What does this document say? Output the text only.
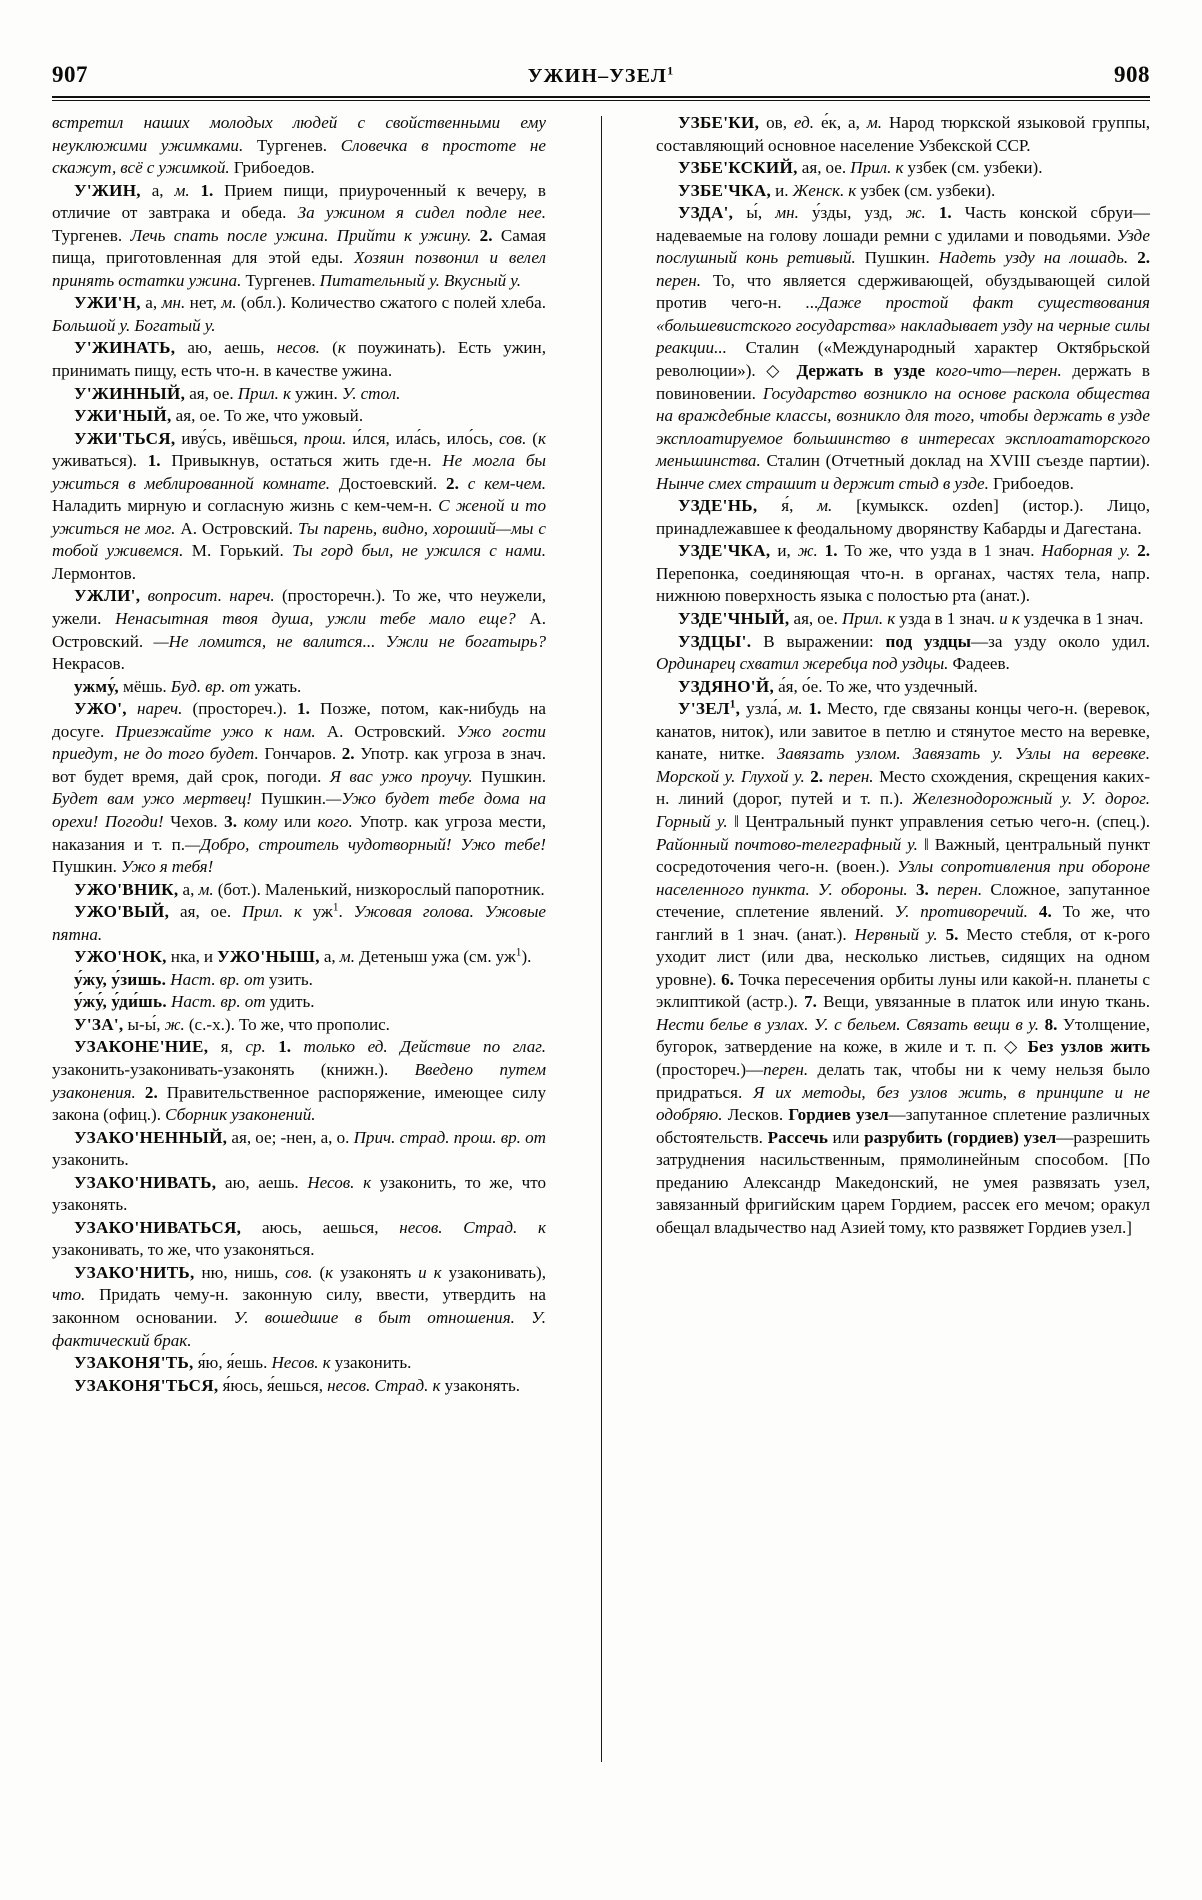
907	УЖИН–УЗЕЛ$^1$	908

встретил наших молодых людей с свойственными ему неуклюжими ужимками. Тургенев. Словечка в простоте не скажут, всё с ужимкой. Грибоедов.

У'ЖИН, а, м. 1. Прием пищи, приуроченный к вечеру, в отличие от завтрака и обеда. За ужином я сидел подле нее. Тургенев. Лечь спать после ужина. Прийти к ужину. 2. Самая пища, приготовленная для этой еды. Хозяин позвонил и велел принять остатки ужина. Тургенев. Питательный у. Вкусный у.

УЖИ'Н, а, мн. нет, м. (обл.). Количество сжатого с полей хлеба. Большой у. Богатый у.

У'ЖИНАТЬ, аю, аешь, несов. (к поужинать). Есть ужин, принимать пищу, есть что-н. в качестве ужина.

У'ЖИННЫЙ, ая, ое. Прил. к ужин. У. стол.

УЖИ'НЫЙ, ая, ое. То же, что ужовый.

УЖИ'ТЬСЯ, иву́сь, ивёшься, прош. и́лся, ила́сь, ило́сь, сов. (к уживаться). 1. Привыкнув, остаться жить где-н. Не могла бы ужиться в меблированной комнате. Достоевский. 2. с кем-чем. Наладить мирную и согласную жизнь с кем-чем-н. С женой и то ужиться не мог. А. Островский. Ты парень, видно, хороший—мы с тобой уживемся. М. Горький. Ты горд был, не ужился с нами. Лермонтов.

УЖЛИ', вопросит. нареч. (просторечн.). То же, что неужели, ужели. Ненасытная твоя душа, ужли тебе мало еще? А. Островский. —Не ломится, не валится... Ужли не богатырь? Некрасов.

ужму́, мёшь. Буд. вр. от ужать.

УЖО', нареч. (простореч.). 1. Позже, потом, как-нибудь на досуге. Приезжайте ужо к нам. А. Островский. Ужо гости приедут, не до того будет. Гончаров. 2. Употр. как угроза в знач. вот будет время, дай срок, погоди. Я вас ужо проучу. Пушкин. Будет вам ужо мертвец! Пушкин.—Ужо будет тебе дома на орехи! Погоди! Чехов. 3. кому или кого. Употр. как угроза мести, наказания и т. п.—Добро, строитель чудотворный! Ужо тебе! Пушкин. Ужо я тебя!

УЖО'ВНИК, а, м. (бот.). Маленький, низкорослый папоротник.

УЖО'ВЫЙ, ая, ое. Прил. к $уж^1$. Ужовая голова. Ужовые пятна.

УЖО'НОК, нка, и УЖО'НЫШ, а, м. Детеныш ужа (см. $уж^1$).

у́жу, у́зишь. Наст. вр. от узить.

у́жу́, у́ди́шь. Наст. вр. от удить.

У'ЗА', ы-ы́, ж. (с.-х.). То же, что прополис.

УЗАКОНЕ'НИЕ, я, ср. 1. только ед. Действие по глаг. узаконить-узаконивать-узаконять (книжн.). Введено путем узаконения. 2. Правительственное распоряжение, имеющее силу закона (офиц.). Сборник узаконений.

УЗАКО'НЕННЫЙ, ая, ое; -нен, а, о. Прич. страд. прош. вр. от узаконить.

УЗАКО'НИВАТЬ, аю, аешь. Несов. к узаконить, то же, что узаконять.

УЗАКО'НИВАТЬСЯ, аюсь, аешься, несов. Страд. к узаконивать, то же, что узаконяться.

УЗАКО'НИТЬ, ню, нишь, сов. (к узаконять и к узаконивать), что. Придать чему-н. законную силу, ввести, утвердить на законном основании. У. вошедшие в быт отношения. У. фактический брак.

УЗАКОНЯ'ТЬ, я́ю, я́ешь. Несов. к узаконить.

УЗАКОНЯ'ТЬСЯ, я́юсь, я́ешься, несов. Страд. к узаконять.

УЗБЕ'КИ, ов, ед. е́к, а, м. Народ тюркской языковой группы, составляющий основное население Узбекской ССР.

УЗБЕ'КСКИЙ, ая, ое. Прил. к узбек (см. узбеки).

УЗБЕ'ЧКА, и. Женск. к узбек (см. узбеки).

УЗДА', ы́, мн. у́зды, узд, ж. 1. Часть конской сбруи—надеваемые на голову лошади ремни с удилами и поводьями. Узде послушный конь ретивый. Пушкин. Надеть узду на лошадь. 2. перен. То, что является сдерживающей, обуздывающей силой против чего-н. ...Даже простой факт существования «большевистского государства» накладывает узду на черные силы реакции... Сталин («Международный характер Октябрьской революции»). ◇ Держать в узде кого-что—перен. держать в повиновении. Государство возникло на основе раскола общества на враждебные классы, возникло для того, чтобы держать в узде эксплоатируемое большинство в интересах эксплоататорского меньшинства. Сталин (Отчетный доклад на XVIII съезде партии). Нынче смех страшит и держит стыд в узде. Грибоедов.

УЗДЕ'НЬ, я́, м. [кумыкск. ozden] (истор.). Лицо, принадлежавшее к феодальному дворянству Кабарды и Дагестана.

УЗДЕ'ЧКА, и, ж. 1. То же, что узда в 1 знач. Наборная у. 2. Перепонка, соединяющая что-н. в органах, частях тела, напр. нижнюю поверхность языка с полостью рта (анат.).

УЗДЕ'ЧНЫЙ, ая, ое. Прил. к узда в 1 знач. и к уздечка в 1 знач.

УЗДЦЫ'. В выражении: под уздцы—за узду около удил. Ординарец схватил жеребца под уздцы. Фадеев.

УЗДЯНО'Й, а́я, о́е. То же, что уздечный.

У'ЗЕЛ$^1$, узла́, м. 1. Место, где связаны концы чего-н. (веревок, канатов, ниток), или завитое в петлю и стянутое место на веревке, канате, нитке. Завязать узлом. Завязать у. Узлы на веревке. Морской у. Глухой у. 2. перен. Место схождения, скрещения каких-н. линий (дорог, путей и т. п.). Железнодорожный у. У. дорог. Горный у. ‖ Центральный пункт управления сетью чего-н. (спец.). Районный почтово-телеграфный у. ‖ Важный, центральный пункт сосредоточения чего-н. (воен.). Узлы сопротивления при обороне населенного пункта. У. обороны. 3. перен. Сложное, запутанное стечение, сплетение явлений. У. противоречий. 4. То же, что ганглий в 1 знач. (анат.). Нервный у. 5. Место стебля, от к-рого уходит лист (или два, несколько листьев, сидящих на одном уровне). 6. Точка пересечения орбиты луны или какой-н. планеты с эклиптикой (астр.). 7. Вещи, увязанные в платок или иную ткань. Нести белье в узлах. У. с бельем. Связать вещи в у. 8. Утолщение, бугорок, затвердение на коже, в жиле и т. п. ◇ Без узлов жить (простореч.)—перен. делать так, чтобы ни к чему нельзя было придраться. Я их методы, без узлов жить, в принципе и не одобряю. Лесков. Гордиев узел—запутанное сплетение различных обстоятельств. Рассечь или разрубить (гордиев) узел—разрешить затруднения насильственным, прямолинейным способом. [По преданию Александр Македонский, не умея развязать узел, завязанный фригийским царем Гордием, рассек его мечом; оракул обещал владычество над Азией тому, кто развяжет Гордиев узел.]
